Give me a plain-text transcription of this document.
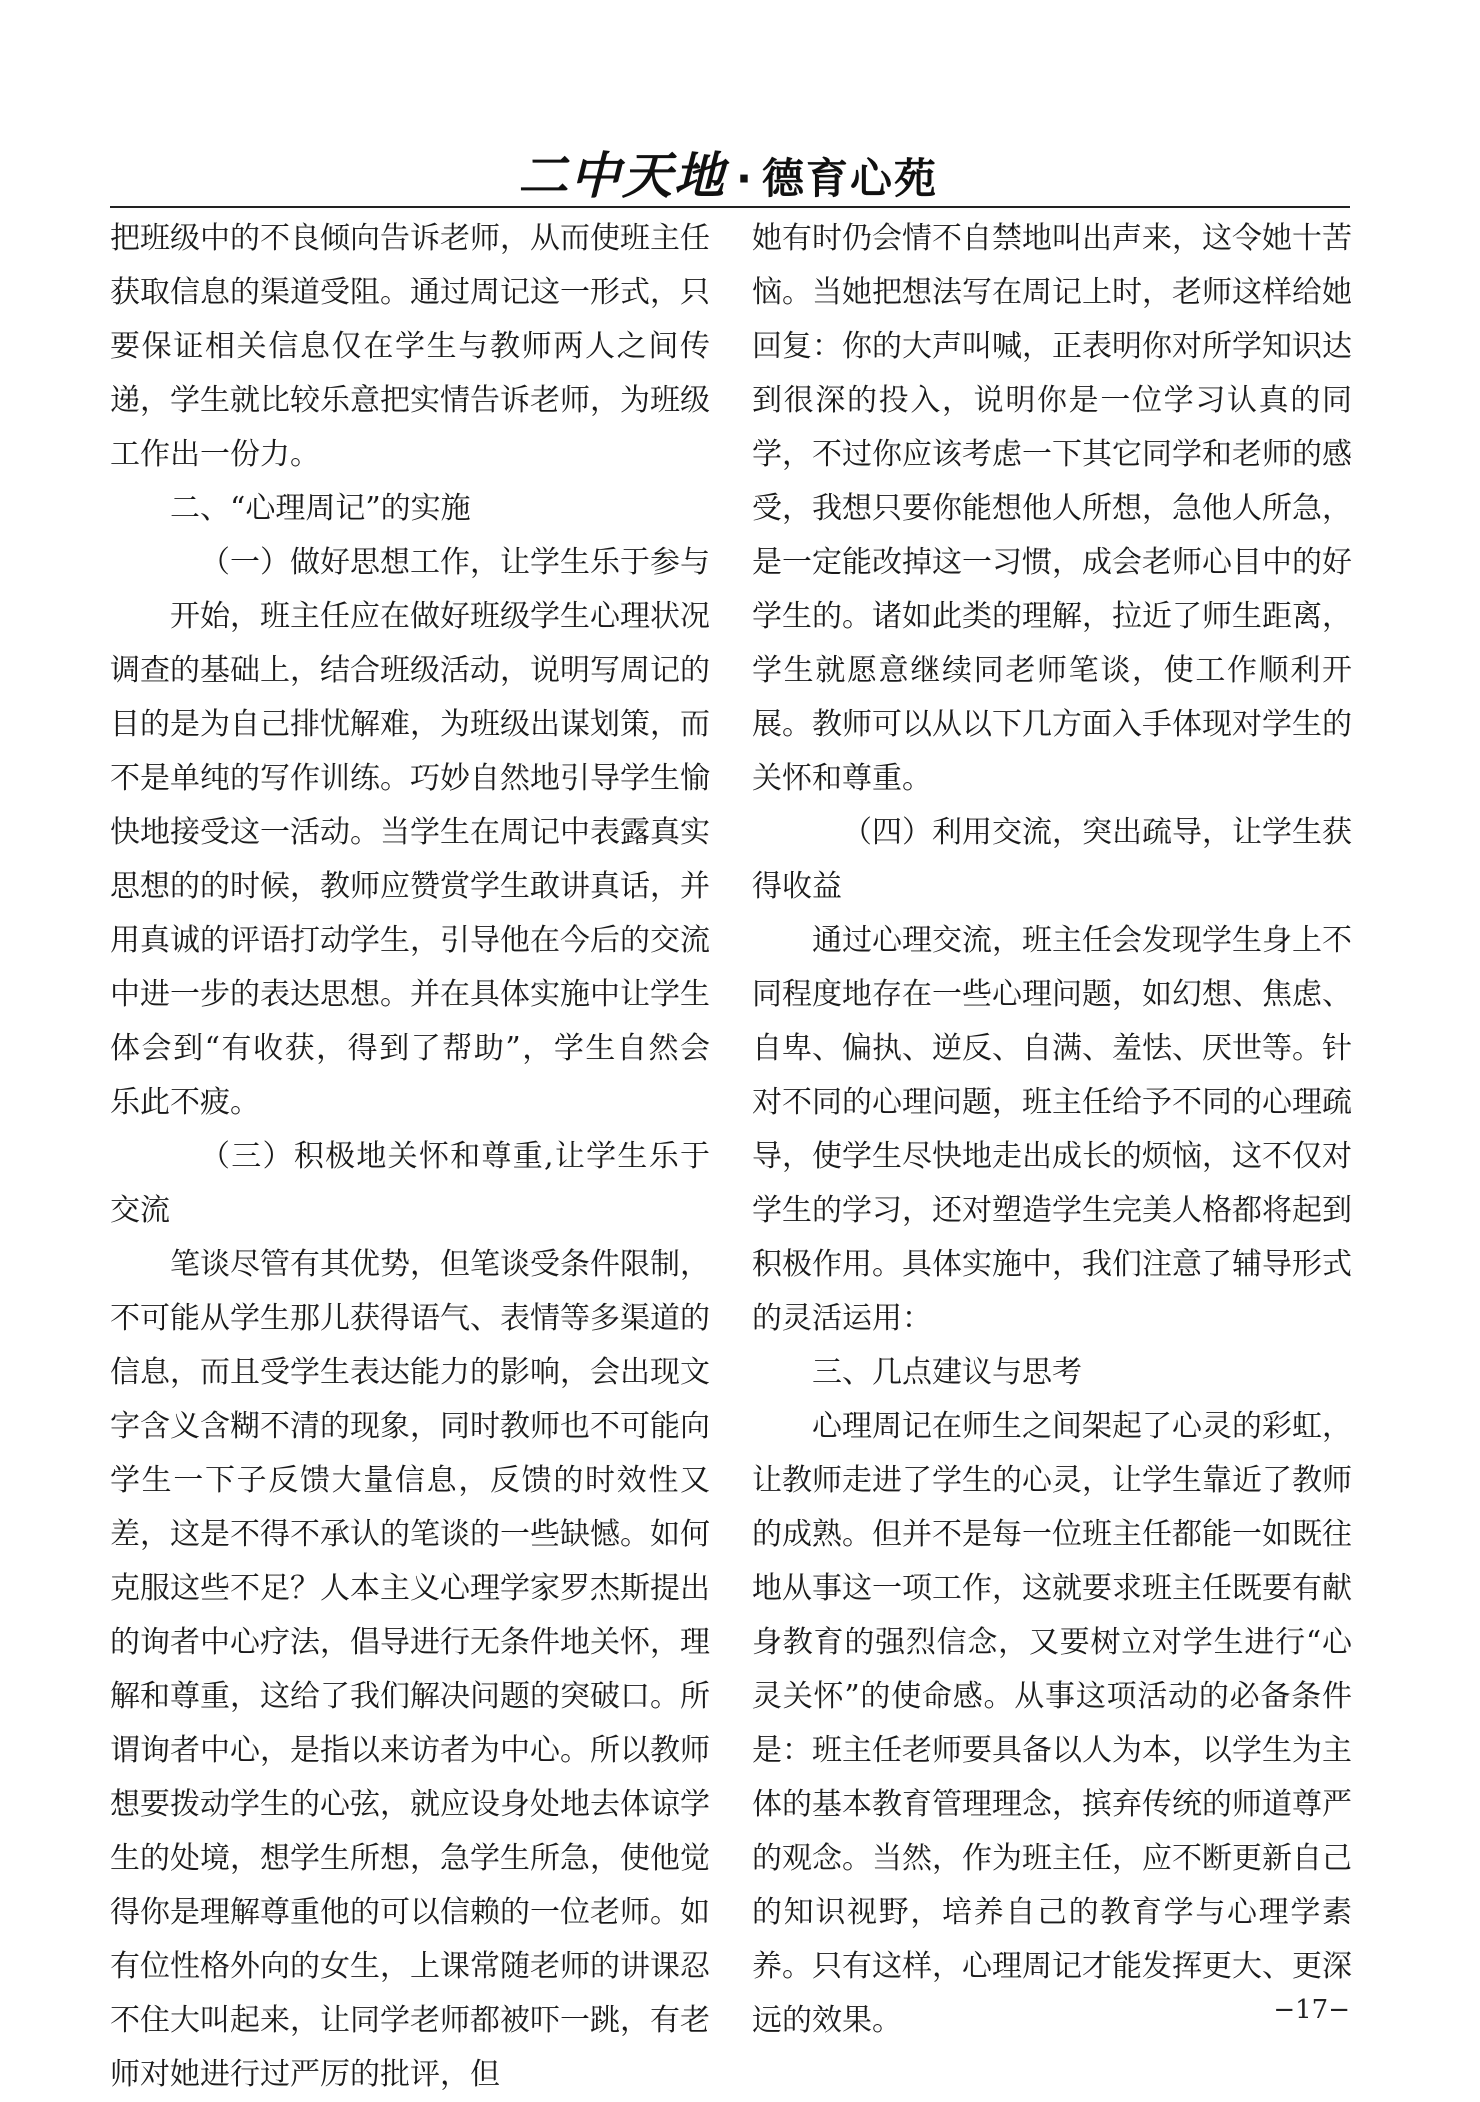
二中天地 · 德育心苑

把班级中的不良倾向告诉老师，从而使班主任获取信息的渠道受阻。通过周记这一形式，只要保证相关信息仅在学生与教师两人之间传递，学生就比较乐意把实情告诉老师，为班级工作出一份力。

二、“心理周记”的实施

（一）做好思想工作，让学生乐于参与

开始，班主任应在做好班级学生心理状况调查的基础上，结合班级活动，说明写周记的目的是为自己排忧解难，为班级出谋划策，而不是单纯的写作训练。巧妙自然地引导学生愉快地接受这一活动。当学生在周记中表露真实思想的的时候，教师应赞赏学生敢讲真话，并用真诚的评语打动学生，引导他在今后的交流中进一步的表达思想。并在具体实施中让学生体会到“有收获，得到了帮助”，学生自然会乐此不疲。

（三）积极地关怀和尊重,让学生乐于交流

笔谈尽管有其优势，但笔谈受条件限制，不可能从学生那儿获得语气、表情等多渠道的信息，而且受学生表达能力的影响，会出现文字含义含糊不清的现象，同时教师也不可能向学生一下子反馈大量信息，反馈的时效性又差，这是不得不承认的笔谈的一些缺憾。如何克服这些不足？人本主义心理学家罗杰斯提出的询者中心疗法，倡导进行无条件地关怀，理解和尊重，这给了我们解决问题的突破口。所谓询者中心，是指以来访者为中心。所以教师想要拨动学生的心弦，就应设身处地去体谅学生的处境，想学生所想，急学生所急，使他觉得你是理解尊重他的可以信赖的一位老师。如有位性格外向的女生，上课常随老师的讲课忍不住大叫起来，让同学老师都被吓一跳，有老师对她进行过严厉的批评，但

她有时仍会情不自禁地叫出声来，这令她十苦恼。当她把想法写在周记上时，老师这样给她回复：你的大声叫喊，正表明你对所学知识达到很深的投入，说明你是一位学习认真的同学，不过你应该考虑一下其它同学和老师的感受，我想只要你能想他人所想，急他人所急，是一定能改掉这一习惯，成会老师心目中的好学生的。诸如此类的理解，拉近了师生距离，学生就愿意继续同老师笔谈，使工作顺利开展。教师可以从以下几方面入手体现对学生的关怀和尊重。

（四）利用交流，突出疏导，让学生获得收益

通过心理交流，班主任会发现学生身上不同程度地存在一些心理问题，如幻想、焦虑、自卑、偏执、逆反、自满、羞怯、厌世等。针对不同的心理问题，班主任给予不同的心理疏导，使学生尽快地走出成长的烦恼，这不仅对学生的学习，还对塑造学生完美人格都将起到积极作用。具体实施中，我们注意了辅导形式的灵活运用：

三、几点建议与思考

心理周记在师生之间架起了心灵的彩虹，让教师走进了学生的心灵，让学生靠近了教师的成熟。但并不是每一位班主任都能一如既往地从事这一项工作，这就要求班主任既要有献身教育的强烈信念，又要树立对学生进行“心灵关怀”的使命感。从事这项活动的必备条件是：班主任老师要具备以人为本，以学生为主体的基本教育管理理念，摈弃传统的师道尊严的观念。当然，作为班主任，应不断更新自己的知识视野，培养自己的教育学与心理学素养。只有这样，心理周记才能发挥更大、更深远的效果。	−17−
